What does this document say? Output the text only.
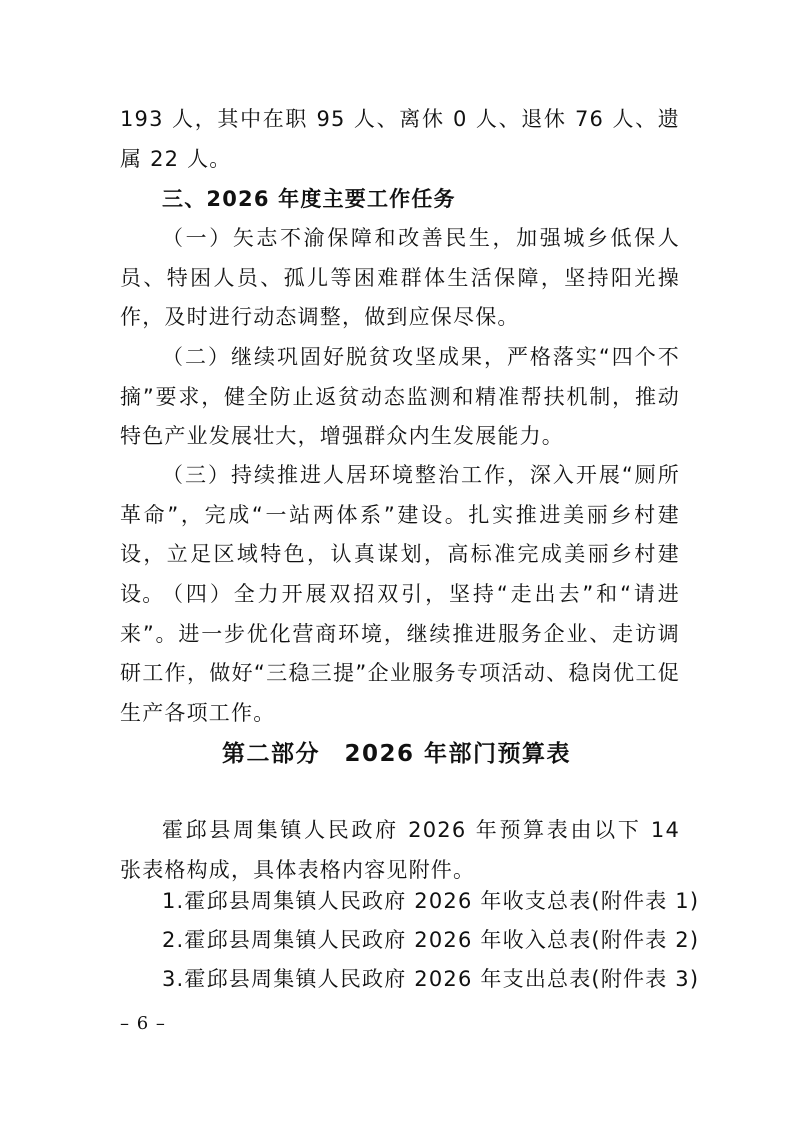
193 人，其中在职 95 人、离休 0 人、退休 76 人、遗属 22 人。

三、2026 年度主要工作任务

（一）矢志不渝保障和改善民生，加强城乡低保人员、特困人员、孤儿等困难群体生活保障，坚持阳光操作，及时进行动态调整，做到应保尽保。

（二）继续巩固好脱贫攻坚成果，严格落实“四个不摘”要求，健全防止返贫动态监测和精准帮扶机制，推动特色产业发展壮大，增强群众内生发展能力。

（三）持续推进人居环境整治工作，深入开展“厕所革命”，完成“一站两体系”建设。扎实推进美丽乡村建设，立足区域特色，认真谋划，高标准完成美丽乡村建设。

（四）全力开展双招双引，坚持“走出去”和“请进来”。进一步优化营商环境，继续推进服务企业、走访调研工作，做好“三稳三提”企业服务专项活动、稳岗优工促生产各项工作。

第二部分　2026 年部门预算表

霍邱县周集镇人民政府 2026 年预算表由以下 14 张表格构成，具体表格内容见附件。

1.霍邱县周集镇人民政府 2026 年收支总表(附件表 1)

2.霍邱县周集镇人民政府 2026 年收入总表(附件表 2)

3.霍邱县周集镇人民政府 2026 年支出总表(附件表 3)

– 6 –
